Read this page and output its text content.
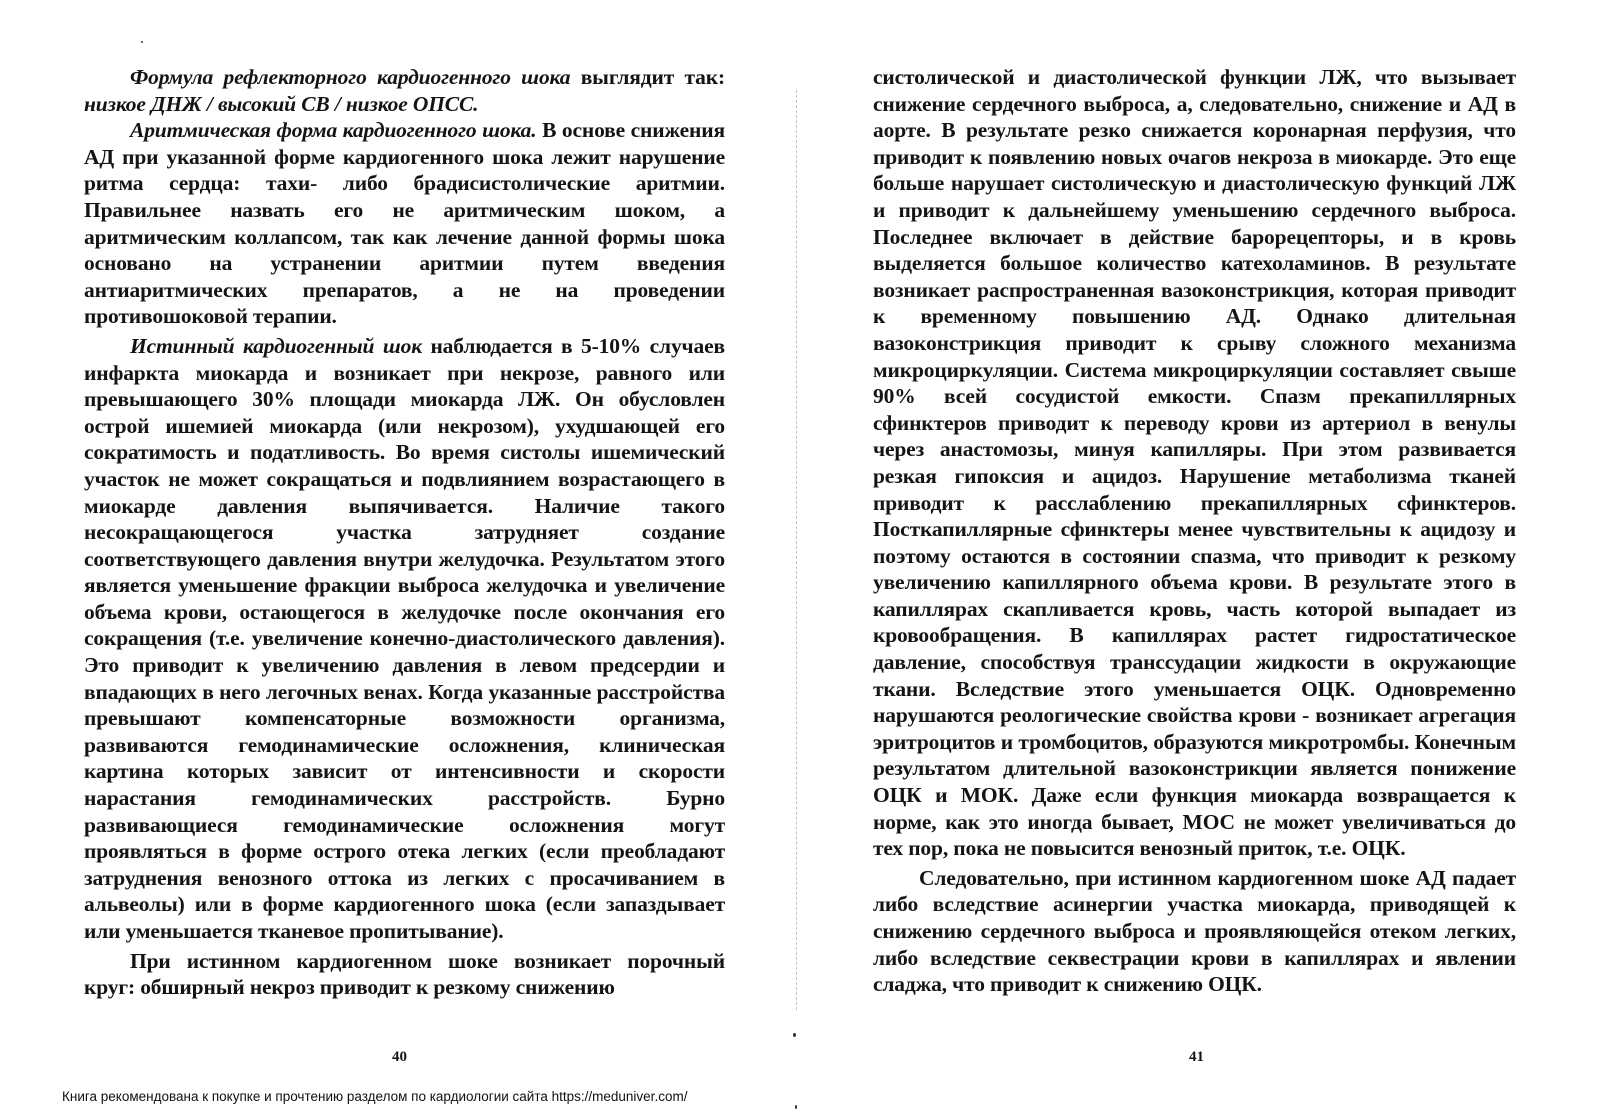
Формула рефлекторного кардиогенного шока выглядит так: низкое ДНЖ / высокий СВ / низкое ОПСС.

Аритмическая форма кардиогенного шока. В основе снижения АД при указанной форме кардиогенного шока лежит нарушение ритма сердца: тахи- либо брадисистолические аритмии. Правильнее назвать его не аритмическим шоком, а аритмическим коллапсом, так как лечение данной формы шока основано на устранении аритмии путем введения антиаритмических препаратов, а не на проведении противошоковой терапии.

Истинный кардиогенный шок наблюдается в 5-10% случаев инфаркта миокарда и возникает при некрозе, равного или превышающего 30% площади миокарда ЛЖ. Он обусловлен острой ишемией миокарда (или некрозом), ухудшающей его сократимость и податливость. Во время систолы ишемический участок не может сокращаться и подвлиянием возрастающего в миокарде давления выпячивается. Наличие такого несокращающегося участка затрудняет создание соответствующего давления внутри желудочка. Результатом этого является уменьшение фракции выброса желудочка и увеличение объема крови, остающегося в желудочке после окончания его сокращения (т.е. увеличение конечно-диастолического давления). Это приводит к увеличению давления в левом предсердии и впадающих в него легочных венах. Когда указанные расстройства превышают компенсаторные возможности организма, развиваются гемодинамические осложнения, клиническая картина которых зависит от интенсивности и скорости нарастания гемодинамических расстройств. Бурно развивающиеся гемодинамические осложнения могут проявляться в форме острого отека легких (если преобладают затруднения венозного оттока из легких с просачиванием в альвеолы) или в форме кардиогенного шока (если запаздывает или уменьшается тканевое пропитывание).

При истинном кардиогенном шоке возникает порочный круг: обширный некроз приводит к резкому снижению

систолической и диастолической функции ЛЖ, что вызывает снижение сердечного выброса, а, следовательно, снижение и АД в аорте. В результате резко снижается коронарная перфузия, что приводит к появлению новых очагов некроза в миокарде. Это еще больше нарушает систолическую и диастолическую функций ЛЖ и приводит к дальнейшему уменьшению сердечного выброса. Последнее включает в действие барорецепторы, и в кровь выделяется большое количество катехоламинов. В результате возникает распространенная вазоконстрикция, которая приводит к временному повышению АД. Однако длительная вазоконстрикция приводит к срыву сложного механизма микроциркуляции. Система микроциркуляции составляет свыше 90% всей сосудистой емкости. Спазм прекапиллярных сфинктеров приводит к переводу крови из артериол в венулы через анастомозы, минуя капилляры. При этом развивается резкая гипоксия и ацидоз. Нарушение метаболизма тканей приводит к расслаблению прекапиллярных сфинктеров. Посткапиллярные сфинктеры менее чувствительны к ацидозу и поэтому остаются в состоянии спазма, что приводит к резкому увеличению капиллярного объема крови. В результате этого в капиллярах скапливается кровь, часть которой выпадает из кровообращения. В капиллярах растет гидростатическое давление, способствуя транссудации жидкости в окружающие ткани. Вследствие этого уменьшается ОЦК. Одновременно нарушаются реологические свойства крови - возникает агрегация эритроцитов и тромбоцитов, образуются микротромбы. Конечным результатом длительной вазоконстрикции является понижение ОЦК и МОК. Даже если функция миокарда возвращается к норме, как это иногда бывает, МОС не может увеличиваться до тех пор, пока не повысится венозный приток, т.е. ОЦК.

Следовательно, при истинном кардиогенном шоке АД падает либо вследствие асинергии участка миокарда, приводящей к снижению сердечного выброса и проявляющейся отеком легких, либо вследствие секвестрации крови в капиллярах и явлении сладжа, что приводит к снижению ОЦК.

40	41
Книга рекомендована к покупке и прочтению разделом по кардиологии сайта https://meduniver.com/
